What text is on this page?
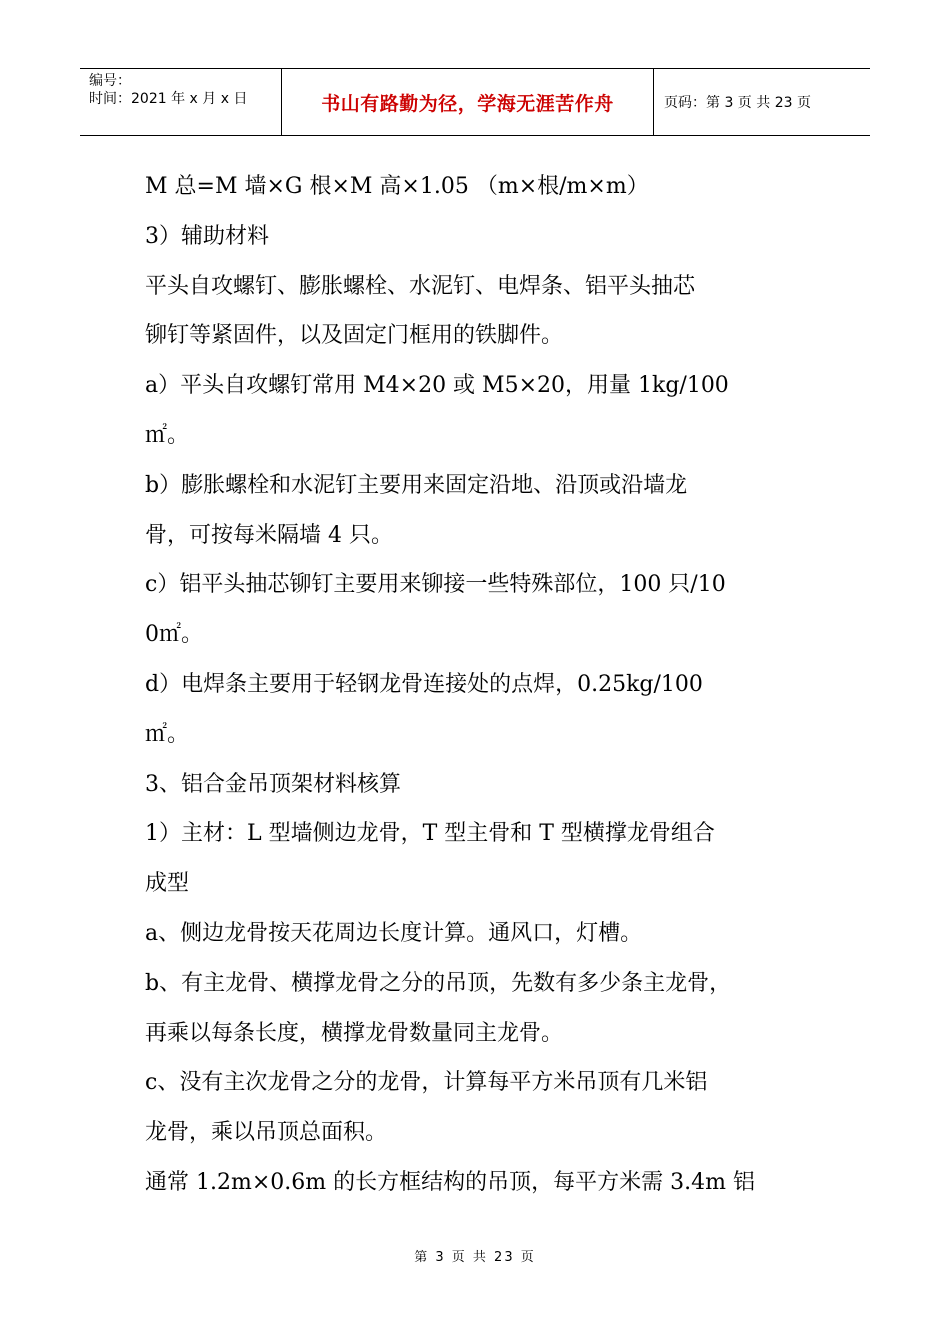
编号：
时间：2021 年 x 月 x 日	书山有路勤为径，学海无涯苦作舟	页码：第 3 页 共 23 页
M 总=M 墙×G 根×M 高×1.05 （m×根/m×m）
3）辅助材料
平头自攻螺钉、膨胀螺栓、水泥钉、电焊条、铝平头抽芯
铆钉等紧固件，以及固定门框用的铁脚件。
a）平头自攻螺钉常用 M4×20 或 M5×20，用量 1kg/100
㎡。
b）膨胀螺栓和水泥钉主要用来固定沿地、沿顶或沿墙龙
骨，可按每米隔墙 4 只。
c）铝平头抽芯铆钉主要用来铆接一些特殊部位，100 只/10
0㎡。
d）电焊条主要用于轻钢龙骨连接处的点焊，0.25kg/100
㎡。
3、铝合金吊顶架材料核算
1）主材：L 型墙侧边龙骨，T 型主骨和 T 型横撑龙骨组合
成型
a、侧边龙骨按天花周边长度计算。通风口，灯槽。
b、有主龙骨、横撑龙骨之分的吊顶，先数有多少条主龙骨，
再乘以每条长度，横撑龙骨数量同主龙骨。
c、没有主次龙骨之分的龙骨，计算每平方米吊顶有几米铝
龙骨，乘以吊顶总面积。
通常 1.2m×0.6m 的长方框结构的吊顶，每平方米需 3.4m 铝
第 3 页 共 23 页
